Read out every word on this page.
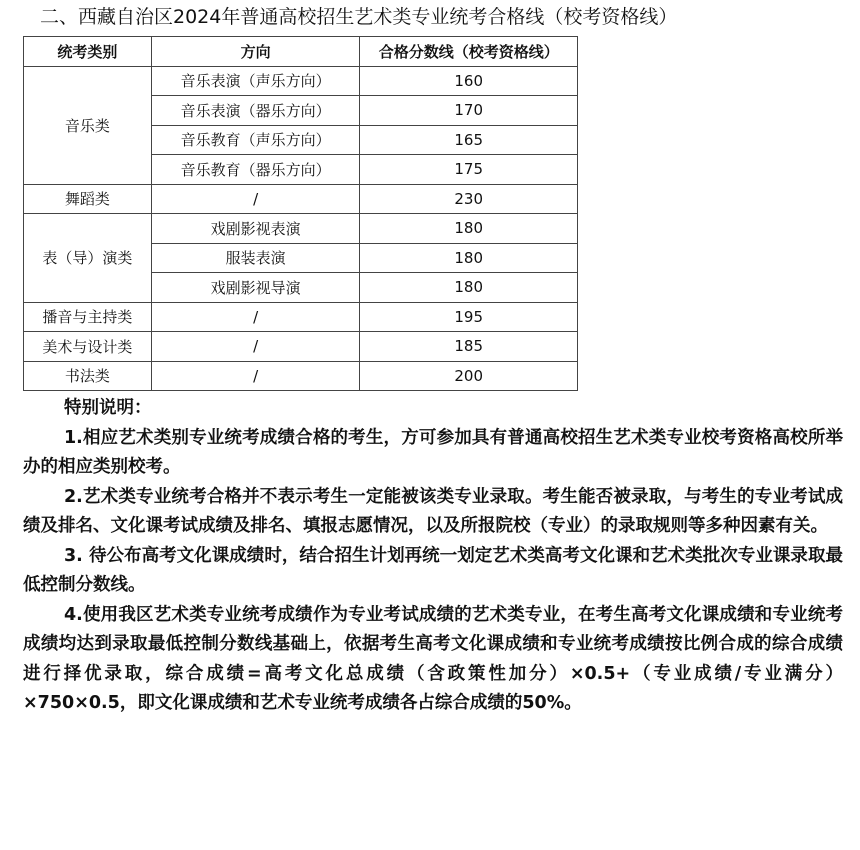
二、西藏自治区2024年普通高校招生艺术类专业统考合格线（校考资格线）
统考类别	方向	合格分数线（校考资格线）
音乐类	音乐表演（声乐方向）	160
	音乐表演（器乐方向）	170
	音乐教育（声乐方向）	165
	音乐教育（器乐方向）	175
舞蹈类	/	230
表（导）演类	戏剧影视表演	180
	服装表演	180
	戏剧影视导演	180
播音与主持类	/	195
美术与设计类	/	185
书法类	/	200
特别说明：

1.相应艺术类别专业统考成绩合格的考生，方可参加具有普通高校招生艺术类专业校考资格高校所举办的相应类别校考。

2.艺术类专业统考合格并不表示考生一定能被该类专业录取。考生能否被录取，与考生的专业考试成绩及排名、文化课考试成绩及排名、填报志愿情况，以及所报院校（专业）的录取规则等多种因素有关。

3. 待公布高考文化课成绩时，结合招生计划再统一划定艺术类高考文化课和艺术类批次专业课录取最低控制分数线。

4.使用我区艺术类专业统考成绩作为专业考试成绩的艺术类专业，在考生高考文化课成绩和专业统考成绩均达到录取最低控制分数线基础上，依据考生高考文化课成绩和专业统考成绩按比例合成的综合成绩进行择优录取，综合成绩=高考文化总成绩（含政策性加分）×0.5+（专业成绩/专业满分）×750×0.5，即文化课成绩和艺术专业统考成绩各占综合成绩的50%。
